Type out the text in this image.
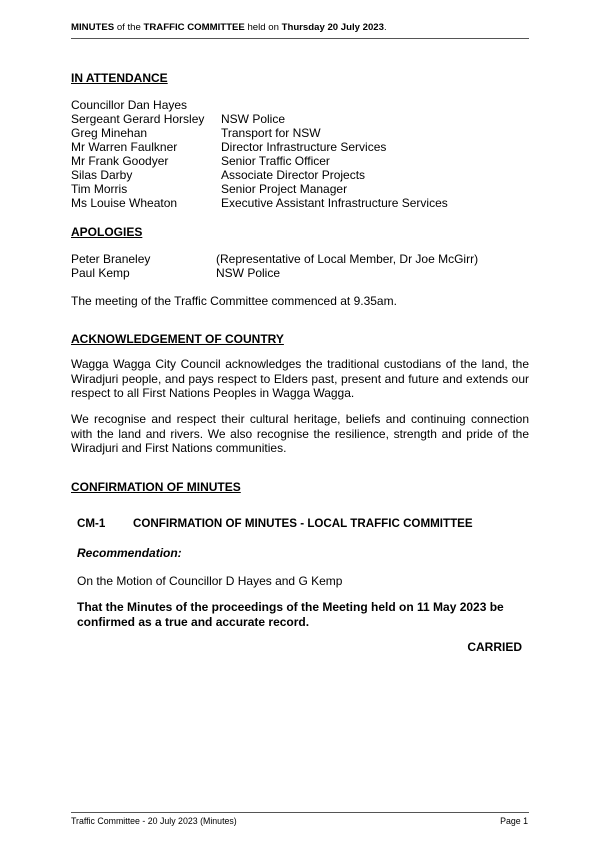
MINUTES of the TRAFFIC COMMITTEE held on Thursday 20 July 2023.
IN ATTENDANCE
Councillor Dan Hayes
Sergeant Gerard Horsley NSW Police
Greg Minehan	Transport for NSW
Mr Warren Faulkner	Director Infrastructure Services
Mr Frank Goodyer	Senior Traffic Officer
Silas Darby	Associate Director Projects
Tim Morris	Senior Project Manager
Ms Louise Wheaton	Executive Assistant Infrastructure Services
APOLOGIES
Peter Braneley	(Representative of Local Member, Dr Joe McGirr)
Paul Kemp	NSW Police
The meeting of the Traffic Committee commenced at 9.35am.
ACKNOWLEDGEMENT OF COUNTRY
Wagga Wagga City Council acknowledges the traditional custodians of the land, the Wiradjuri people, and pays respect to Elders past, present and future and extends our respect to all First Nations Peoples in Wagga Wagga.
We recognise and respect their cultural heritage, beliefs and continuing connection with the land and rivers. We also recognise the resilience, strength and pride of the Wiradjuri and First Nations communities.
CONFIRMATION OF MINUTES
CM-1 CONFIRMATION OF MINUTES - LOCAL TRAFFIC COMMITTEE
Recommendation:
On the Motion of Councillor D Hayes and G Kemp
That the Minutes of the proceedings of the Meeting held on 11 May 2023 be confirmed as a true and accurate record.
CARRIED
Traffic Committee - 20 July 2023 (Minutes)	Page 1
